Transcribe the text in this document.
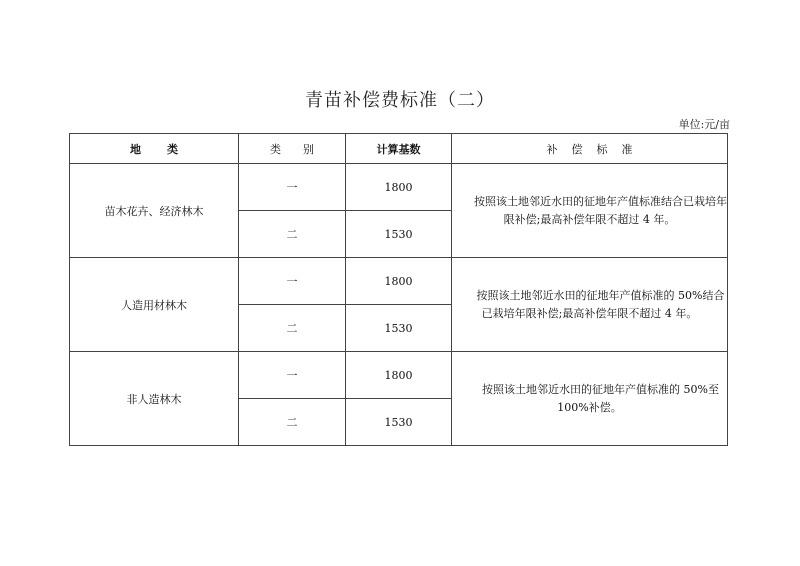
青苗补偿费标准（二）
单位:元/亩
地类	类别	计算基数	补偿标准
苗木花卉、经济林木	一	1800	按照该土地邻近水田的征地年产值标准结合已栽培年限补偿;最高补偿年限不超过 4 年。
	二	1530	
人造用材林木	一	1800	按照该土地邻近水田的征地年产值标准的 50%结合已栽培年限补偿;最高补偿年限不超过 4 年。
	二	1530	
非人造林木	一	1800	按照该土地邻近水田的征地年产值标准的 50%至 100%补偿。
	二	1530	
